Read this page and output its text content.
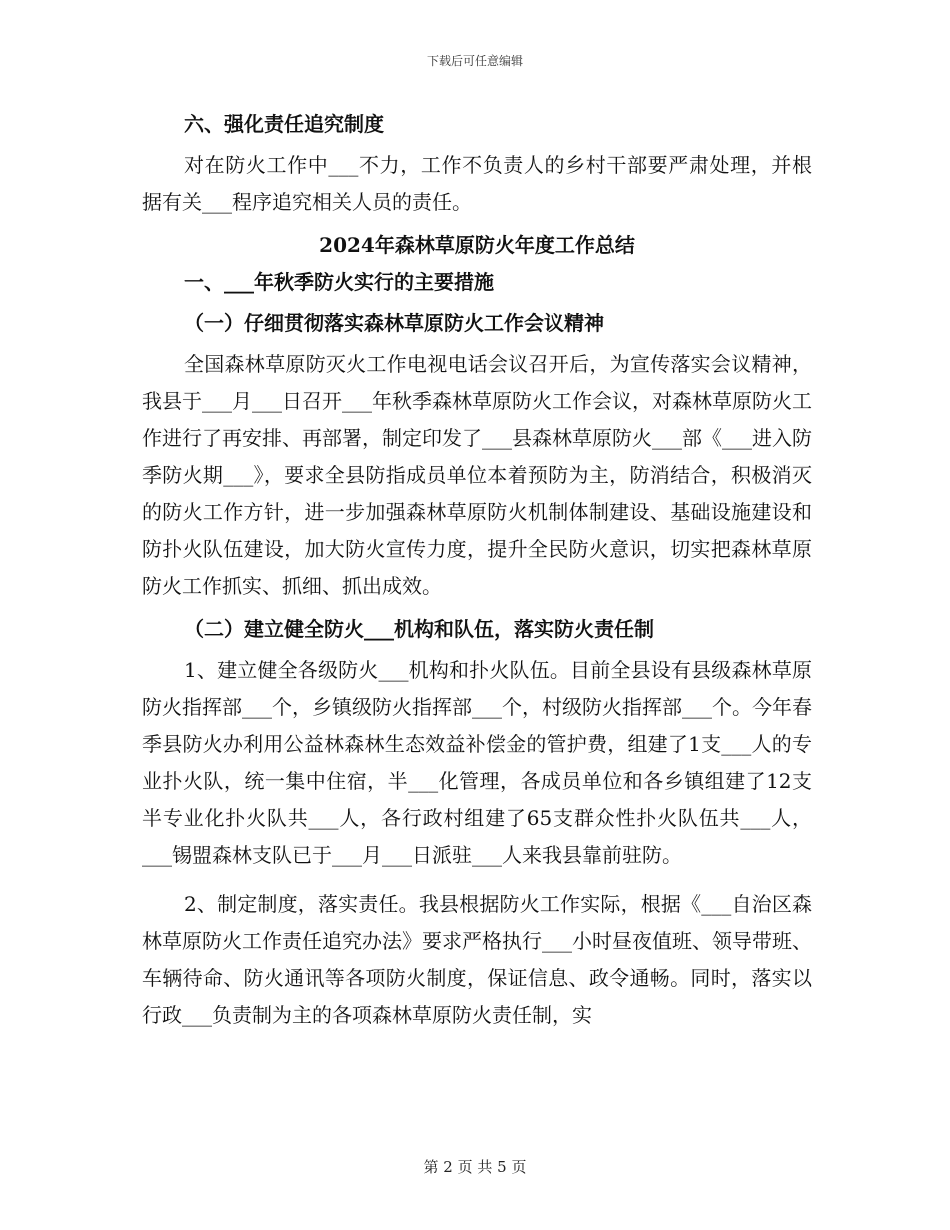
下载后可任意编辑

六、强化责任追究制度

对在防火工作中___不力，工作不负责人的乡村干部要严肃处理，并根据有关___程序追究相关人员的责任。

2024年森林草原防火年度工作总结

一、___年秋季防火实行的主要措施

（一）仔细贯彻落实森林草原防火工作会议精神

全国森林草原防灭火工作电视电话会议召开后，为宣传落实会议精神，我县于___月___日召开___年秋季森林草原防火工作会议，对森林草原防火工作进行了再安排、再部署，制定印发了___县森林草原防火___部《___进入防季防火期___》，要求全县防指成员单位本着预防为主，防消结合，积极消灭的防火工作方针，进一步加强森林草原防火机制体制建设、基础设施建设和防扑火队伍建设，加大防火宣传力度，提升全民防火意识，切实把森林草原防火工作抓实、抓细、抓出成效。

（二）建立健全防火___机构和队伍，落实防火责任制

1、建立健全各级防火___机构和扑火队伍。目前全县设有县级森林草原防火指挥部___个，乡镇级防火指挥部___个，村级防火指挥部___个。今年春季县防火办利用公益林森林生态效益补偿金的管护费，组建了1支___人的专业扑火队，统一集中住宿，半___化管理，各成员单位和各乡镇组建了12支半专业化扑火队共___人，各行政村组建了65支群众性扑火队伍共___人，___锡盟森林支队已于___月___日派驻___人来我县靠前驻防。

2、制定制度，落实责任。我县根据防火工作实际，根据《___自治区森林草原防火工作责任追究办法》要求严格执行___小时昼夜值班、领导带班、车辆待命、防火通讯等各项防火制度，保证信息、政令通畅。同时，落实以行政___负责制为主的各项森林草原防火责任制，实

第 2 页 共 5 页
